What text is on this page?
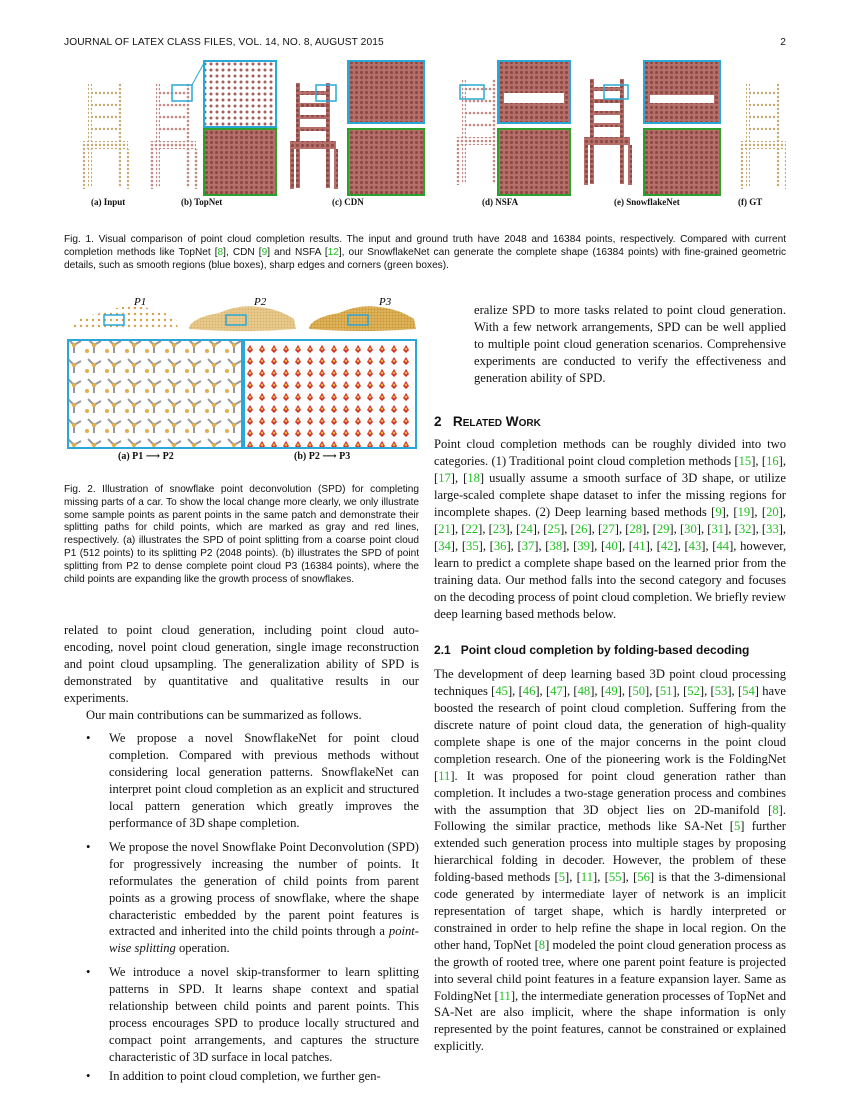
JOURNAL OF LATEX CLASS FILES, VOL. 14, NO. 8, AUGUST 2015	2
(a) Input	(b) TopNet	(c) CDN	(d) NSFA	(e) SnowflakeNet	(f) GT
Fig. 1. Visual comparison of point cloud completion results. The input and ground truth have 2048 and 16384 points, respectively. Compared with current completion methods like TopNet [8], CDN [9] and NSFA [12], our SnowflakeNet can generate the complete shape (16384 points) with fine-grained geometric details, such as smooth regions (blue boxes), sharp edges and corners (green boxes).
P1	P2	P3
(a) P1 ⟶ P2	(b) P2 ⟶ P3
Fig. 2. Illustration of snowflake point deconvolution (SPD) for completing missing parts of a car. To show the local change more clearly, we only illustrate some sample points as parent points in the same patch and demonstrate their splitting paths for child points, which are marked as gray and red lines, respectively. (a) illustrates the SPD of point splitting from a coarse point cloud P1 (512 points) to its splitting P2 (2048 points). (b) illustrates the SPD of point splitting from P2 to dense complete point cloud P3 (16384 points), where the child points are expanding like the growth process of snowflakes.

related to point cloud generation, including point cloud auto-encoding, novel point cloud generation, single image reconstruction and point cloud upsampling. The generalization ability of SPD is demonstrated by quantitative and qualitative results in our experiments.

Our main contributions can be summarized as follows.

• We propose a novel SnowflakeNet for point cloud completion. Compared with previous methods without considering local generation patterns. SnowflakeNet can interpret point cloud completion as an explicit and structured local pattern generation which greatly improves the performance of 3D shape completion.
• We propose the novel Snowflake Point Deconvolution (SPD) for progressively increasing the number of points. It reformulates the generation of child points from parent points as a growing process of snowflake, where the shape characteristic embedded by the parent point features is extracted and inherited into the child points through a point-wise splitting operation.
• We introduce a novel skip-transformer to learn splitting patterns in SPD. It learns shape context and spatial relationship between child points and parent points. This process encourages SPD to produce locally structured and compact point arrangements, and captures the structure characteristic of 3D surface in local patches.
• In addition to point cloud completion, we further gen-

eralize SPD to more tasks related to point cloud generation. With a few network arrangements, SPD can be well applied to multiple point cloud generation scenarios. Comprehensive experiments are conducted to verify the effectiveness and generation ability of SPD.

2 Related Work

Point cloud completion methods can be roughly divided into two categories. (1) Traditional point cloud completion methods [15], [16], [17], [18] usually assume a smooth surface of 3D shape, or utilize large-scaled complete shape dataset to infer the missing regions for incomplete shapes. (2) Deep learning based methods [9], [19], [20], [21], [22], [23], [24], [25], [26], [27], [28], [29], [30], [31], [32], [33], [34], [35], [36], [37], [38], [39], [40], [41], [42], [43], [44], however, learn to predict a complete shape based on the learned prior from the training data. Our method falls into the second category and focuses on the decoding process of point cloud completion. We briefly review deep learning based methods below.

2.1 Point cloud completion by folding-based decoding

The development of deep learning based 3D point cloud processing techniques [45], [46], [47], [48], [49], [50], [51], [52], [53], [54] have boosted the research of point cloud completion. Suffering from the discrete nature of point cloud data, the generation of high-quality complete shape is one of the major concerns in the point cloud completion research. One of the pioneering work is the FoldingNet [11]. It was proposed for point cloud generation rather than completion. It includes a two-stage generation process and combines with the assumption that 3D object lies on 2D-manifold [8]. Following the similar practice, methods like SA-Net [5] further extended such generation process into multiple stages by proposing hierarchical folding in decoder. However, the problem of these folding-based methods [5], [11], [55], [56] is that the 3-dimensional code generated by intermediate layer of network is an implicit representation of target shape, which is hardly interpreted or constrained in order to help refine the shape in local region. On the other hand, TopNet [8] modeled the point cloud generation process as the growth of rooted tree, where one parent point feature is projected into several child point features in a feature expansion layer. Same as FoldingNet [11], the intermediate generation processes of TopNet and SA-Net are also implicit, where the shape information is only represented by the point features, cannot be constrained or explained explicitly.
